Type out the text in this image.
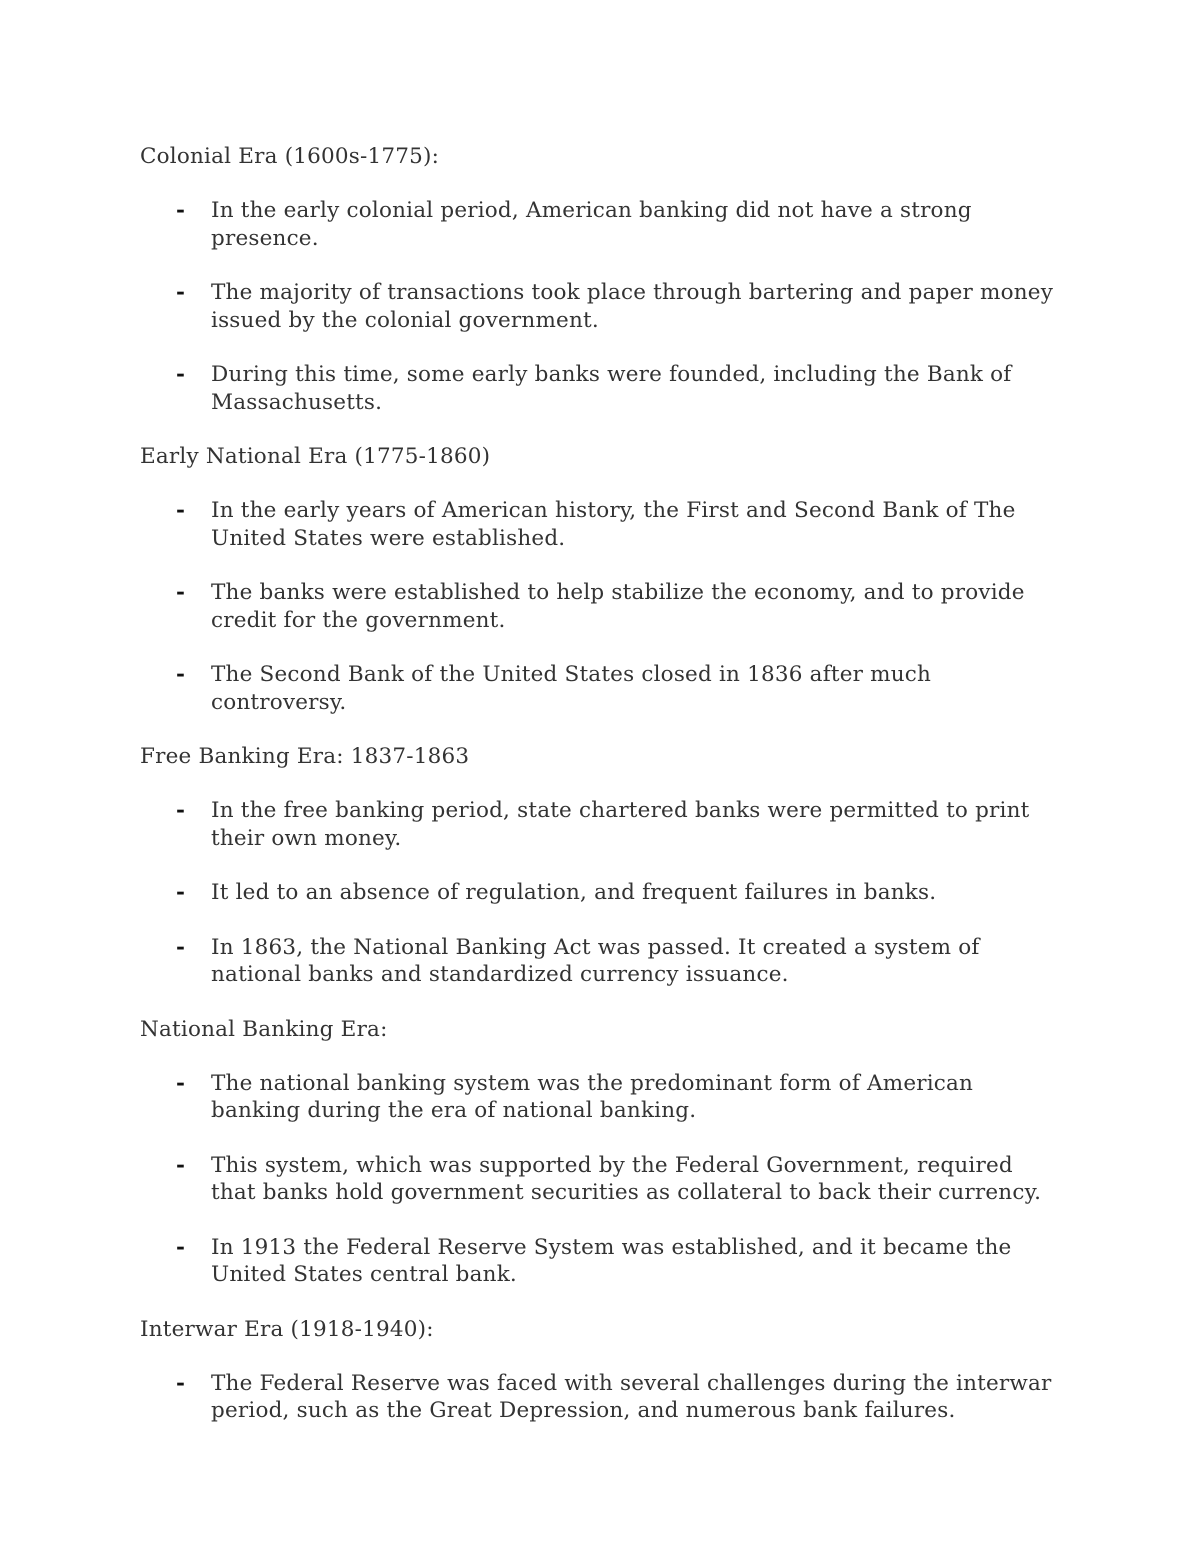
Colonial Era (1600s-1775):
- In the early colonial period, American banking did not have a strong presence.
- The majority of transactions took place through bartering and paper money issued by the colonial government.
- During this time, some early banks were founded, including the Bank of Massachusetts.
Early National Era (1775-1860)
- In the early years of American history, the First and Second Bank of The United States were established.
- The banks were established to help stabilize the economy, and to provide credit for the government.
- The Second Bank of the United States closed in 1836 after much controversy.
Free Banking Era: 1837-1863
- In the free banking period, state chartered banks were permitted to print their own money.
- It led to an absence of regulation, and frequent failures in banks.
- In 1863, the National Banking Act was passed. It created a system of national banks and standardized currency issuance.
National Banking Era:
- The national banking system was the predominant form of American banking during the era of national banking.
- This system, which was supported by the Federal Government, required that banks hold government securities as collateral to back their currency.
- In 1913 the Federal Reserve System was established, and it became the United States central bank.
Interwar Era (1918-1940):
- The Federal Reserve was faced with several challenges during the interwar period, such as the Great Depression, and numerous bank failures.
